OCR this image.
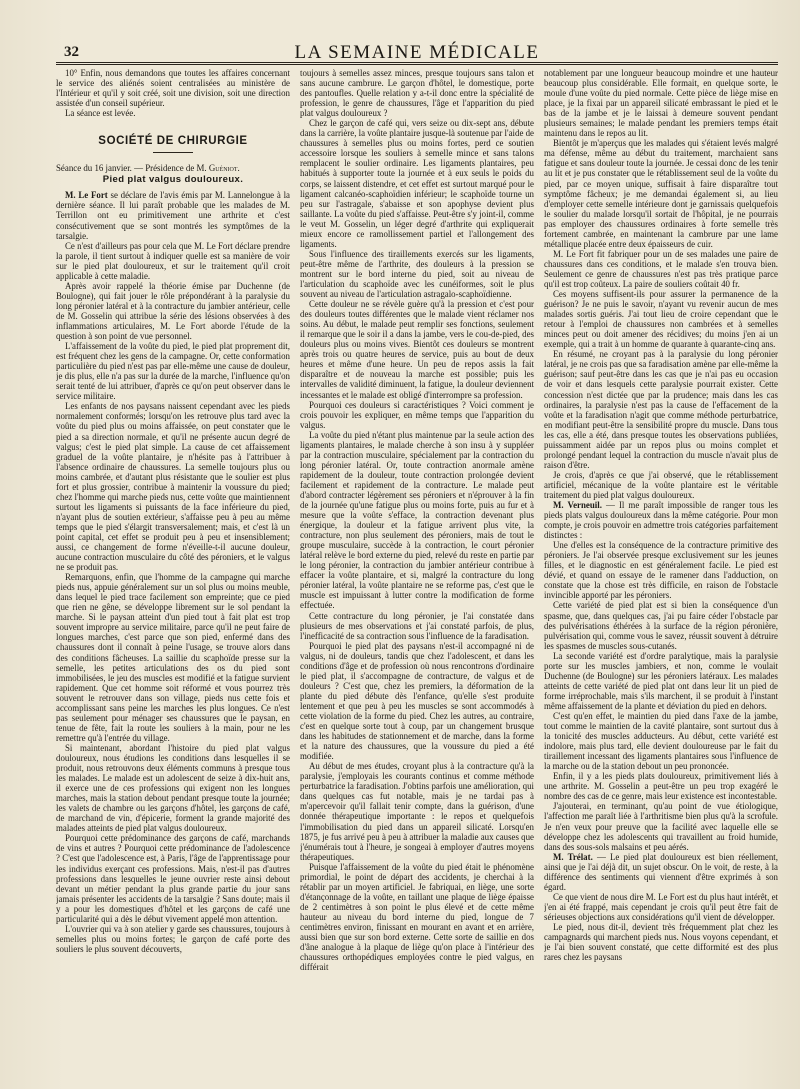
32	LA SEMAINE MÉDICALE

10° Enfin, nous demandons que toutes les affaires concernant le service des aliénés soient centralisées au ministère de l'Intérieur et qu'il y soit créé, soit une division, soit une direction assistée d'un conseil supérieur.

La séance est levée.

SOCIÉTÉ DE CHIRURGIE

Séance du 16 janvier. — Présidence de M. Guéniot.

Pied plat valgus douloureux.

M. Le Fort se déclare de l'avis émis par M. Lannelongue à la dernière séance. Il lui paraît probable que les malades de M. Terrillon ont eu primitivement une arthrite et c'est consécutivement que se sont montrés les symptômes de la tarsalgie.

Ce n'est d'ailleurs pas pour cela que M. Le Fort déclare prendre la parole, il tient surtout à indiquer quelle est sa manière de voir sur le pied plat douloureux, et sur le traitement qu'il croit applicable à cette maladie.

Après avoir rappelé la théorie émise par Duchenne (de Boulogne), qui fait jouer le rôle prépondérant à la paralysie du long péronier latéral et à la contracture du jambier antérieur, celle de M. Gosselin qui attribue la série des lésions observées à des inflammations articulaires, M. Le Fort aborde l'étude de la question à son point de vue personnel.

L'affaissement de la voûte du pied, le pied plat proprement dit, est fréquent chez les gens de la campagne. Or, cette conformation particulière du pied n'est pas par elle-même une cause de douleur, je dis plus, elle n'a pas sur la durée de la marche, l'influence qu'on serait tenté de lui attribuer, d'après ce qu'on peut observer dans le service militaire.

Les enfants de nos paysans naissent cependant avec les pieds normalement conformés; lorsqu'on les retrouve plus tard avec la voûte du pied plus ou moins affaissée, on peut constater que le pied a sa direction normale, et qu'il ne présente aucun degré de valgus; c'est le pied plat simple. La cause de cet affaissement graduel de la voûte plantaire, je n'hésite pas à l'attribuer à l'absence ordinaire de chaussures. La semelle toujours plus ou moins cambrée, et d'autant plus résistante que le soulier est plus fort et plus grossier, contribue à maintenir la voussure du pied; chez l'homme qui marche pieds nus, cette voûte que maintiennent surtout les ligaments si puissants de la face inférieure du pied, n'ayant plus de soutien extérieur, s'affaisse peu à peu au même temps que le pied s'élargit transversalement; mais, et c'est là un point capital, cet effet se produit peu à peu et insensiblement; aussi, ce changement de forme n'éveille-t-il aucune douleur, aucune contraction musculaire du côté des péroniers, et le valgus ne se produit pas.

Remarquons, enfin, que l'homme de la campagne qui marche pieds nus, appuie généralement sur un sol plus ou moins meuble, dans lequel le pied trace facilement son empreinte; que ce pied que rien ne gêne, se développe librement sur le sol pendant la marche. Si le paysan atteint d'un pied tout à fait plat est trop souvent impropre au service militaire, parce qu'il ne peut faire de longues marches, c'est parce que son pied, enfermé dans des chaussures dont il connaît à peine l'usage, se trouve alors dans des conditions fâcheuses. La saillie du scaphoïde presse sur la semelle, les petites articulations des os du pied sont immobilisées, le jeu des muscles est modifié et la fatigue survient rapidement. Que cet homme soit réformé et vous pourrez très souvent le retrouver dans son village, pieds nus cette fois et accomplissant sans peine les marches les plus longues. Ce n'est pas seulement pour ménager ses chaussures que le paysan, en tenue de fête, fait la route les souliers à la main, pour ne les remettre qu'à l'entrée du village.

Si maintenant, abordant l'histoire du pied plat valgus douloureux, nous étudions les conditions dans lesquelles il se produit, nous retrouvons deux éléments communs à presque tous les malades. Le malade est un adolescent de seize à dix-huit ans, il exerce une de ces professions qui exigent non les longues marches, mais la station debout pendant presque toute la journée; les valets de chambre ou les garçons d'hôtel, les garçons de café, de marchand de vin, d'épicerie, forment la grande majorité des malades atteints de pied plat valgus douloureux.

Pourquoi cette prédominance des garçons de café, marchands de vins et autres ? Pourquoi cette prédominance de l'adolescence ? C'est que l'adolescence est, à Paris, l'âge de l'apprentissage pour les individus exerçant ces professions. Mais, n'est-il pas d'autres professions dans lesquelles le jeune ouvrier reste ainsi debout devant un métier pendant la plus grande partie du jour sans jamais présenter les accidents de la tarsalgie ? Sans doute; mais il y a pour les domestiques d'hôtel et les garçons de café une particularité qui a dès le début vivement appelé mon attention.

L'ouvrier qui va à son atelier y garde ses chaussures, toujours à semelles plus ou moins fortes; le garçon de café porte des souliers le plus souvent découverts,

toujours à semelles assez minces, presque toujours sans talon et sans aucune cambrure. Le garçon d'hôtel, le domestique, porte des pantoufles. Quelle relation y a-t-il donc entre la spécialité de profession, le genre de chaussures, l'âge et l'apparition du pied plat valgus douloureux ?

Chez le garçon de café qui, vers seize ou dix-sept ans, débute dans la carrière, la voûte plantaire jusque-là soutenue par l'aide de chaussures à semelles plus ou moins fortes, perd ce soutien accessoire lorsque les souliers à semelle mince et sans talons remplacent le soulier ordinaire. Les ligaments plantaires, peu habitués à supporter toute la journée et à eux seuls le poids du corps, se laissent distendre, et cet effet est surtout marqué pour le ligament calcanéo-scaphoïdien inférieur; le scaphoïde tourne un peu sur l'astragale, s'abaisse et son apophyse devient plus saillante. La voûte du pied s'affaisse. Peut-être s'y joint-il, comme le veut M. Gosselin, un léger degré d'arthrite qui expliquerait mieux encore ce ramollissement partiel et l'allongement des ligaments.

Sous l'influence des tiraillements exercés sur les ligaments, peut-être même de l'arthrite, des douleurs à la pression se montrent sur le bord interne du pied, soit au niveau de l'articulation du scaphoïde avec les cunéiformes, soit le plus souvent au niveau de l'articulation astragalo-scaphoïdienne.

Cette douleur ne se révèle guère qu'à la pression et c'est pour des douleurs toutes différentes que le malade vient réclamer nos soins. Au début, le malade peut remplir ses fonctions, seulement il remarque que le soir il a dans la jambe, vers le cou-de-pied, des douleurs plus ou moins vives. Bientôt ces douleurs se montrent après trois ou quatre heures de service, puis au bout de deux heures et même d'une heure. Un peu de repos assis la fait disparaître et de nouveau la marche est possible; puis les intervalles de validité diminuent, la fatigue, la douleur deviennent incessantes et le malade est obligé d'interrompre sa profession.

Pourquoi ces douleurs si caractéristiques ? Voici comment je crois pouvoir les expliquer, en même temps que l'apparition du valgus.

La voûte du pied n'étant plus maintenue par la seule action des ligaments plantaires, le malade cherche à son insu à y suppléer par la contraction musculaire, spécialement par la contraction du long péronier latéral. Or, toute contraction anormale amène rapidement de la douleur, toute contraction prolongée devient facilement et rapidement de la contracture. Le malade peut d'abord contracter légèrement ses péroniers et n'éprouver à la fin de la journée qu'une fatigue plus ou moins forte, puis au fur et à mesure que la voûte s'efface, la contraction devenant plus énergique, la douleur et la fatigue arrivent plus vite, la contracture, non plus seulement des péroniers, mais de tout le groupe musculaire, succède à la contraction, le court péronier latéral relève le bord externe du pied, relevé du reste en partie par le long péronier, la contraction du jambier antérieur contribue à effacer la voûte plantaire, et si, malgré la contracture du long péronier latéral, la voûte plantaire ne se reforme pas, c'est que le muscle est impuissant à lutter contre la modification de forme effectuée.

Cette contracture du long péronier, je l'ai constatée dans plusieurs de mes observations et j'ai constaté parfois, de plus, l'inefficacité de sa contraction sous l'influence de la faradisation.

Pourquoi le pied plat des paysans n'est-il accompagné ni de valgus, ni de douleurs, tandis que chez l'adolescent, et dans les conditions d'âge et de profession où nous rencontrons d'ordinaire le pied plat, il s'accompagne de contracture, de valgus et de douleurs ? C'est que, chez les premiers, la déformation de la plante du pied débute dès l'enfance, qu'elle s'est produite lentement et que peu à peu les muscles se sont accommodés à cette violation de la forme du pied. Chez les autres, au contraire, c'est en quelque sorte tout à coup, par un changement brusque dans les habitudes de stationnement et de marche, dans la forme et la nature des chaussures, que la voussure du pied a été modifiée.

Au début de mes études, croyant plus à la contracture qu'à la paralysie, j'employais les courants continus et comme méthode perturbatrice la faradisation. J'obtins parfois une amélioration, qui dans quelques cas fut notable, mais je ne tardai pas à m'apercevoir qu'il fallait tenir compte, dans la guérison, d'une donnée thérapeutique importante : le repos et quelquefois l'immobilisation du pied dans un appareil silicaté. Lorsqu'en 1875, je fus arrivé peu à peu à attribuer la maladie aux causes que j'énumérais tout à l'heure, je songeai à employer d'autres moyens thérapeutiques.

Puisque l'affaissement de la voûte du pied était le phénomène primordial, le point de départ des accidents, je cherchai à la rétablir par un moyen artificiel. Je fabriquai, en liège, une sorte d'étançonnage de la voûte, en taillant une plaque de liège épaisse de 2 centimètres à son point le plus élevé et de cette même hauteur au niveau du bord interne du pied, longue de 7 centimètres environ, finissant en mourant en avant et en arrière, aussi bien que sur son bord externe. Cette sorte de saillie en dos d'âne analogue à la plaque de liège qu'on place à l'intérieur des chaussures orthopédiques employées contre le pied valgus, en différait

notablement par une longueur beaucoup moindre et une hauteur beaucoup plus considérable. Elle formait, en quelque sorte, le moule d'une voûte du pied normale. Cette pièce de liège mise en place, je la fixai par un appareil silicaté embrassant le pied et le bas de la jambe et je le laissai à demeure souvent pendant plusieurs semaines; le malade pendant les premiers temps était maintenu dans le repos au lit.

Bientôt je m'aperçus que les malades qui s'étaient levés malgré ma défense, même au début du traitement, marchaient sans fatigue et sans douleur toute la journée. Je cessai donc de les tenir au lit et je pus constater que le rétablissement seul de la voûte du pied, par ce moyen unique, suffisait à faire disparaître tout symptôme fâcheux; je me demandai également si, au lieu d'employer cette semelle intérieure dont je garnissais quelquefois le soulier du malade lorsqu'il sortait de l'hôpital, je ne pourrais pas employer des chaussures ordinaires à forte semelle très fortement cambrée, en maintenant la cambrure par une lame métallique placée entre deux épaisseurs de cuir.

M. Le Fort fit fabriquer pour un de ses malades une paire de chaussures dans ces conditions, et le malade s'en trouva bien. Seulement ce genre de chaussures n'est pas très pratique parce qu'il est trop coûteux. La paire de souliers coûtait 40 fr.

Ces moyens suffisent-ils pour assurer la permanence de la guérison? Je ne puis le savoir, n'ayant vu revenir aucun de mes malades sortis guéris. J'ai tout lieu de croire cependant que le retour à l'emploi de chaussures non cambrées et à semelles minces peut ou doit amener des récidives; du moins j'en ai un exemple, qui a trait à un homme de quarante à quarante-cinq ans.

En résumé, ne croyant pas à la paralysie du long péronier latéral, je ne crois pas que sa faradisation amène par elle-même la guérison; sauf peut-être dans les cas que je n'ai pas eu occasion de voir et dans lesquels cette paralysie pourrait exister. Cette concession n'est dictée que par la prudence; mais dans les cas ordinaires, la paralysie n'est pas la cause de l'effacement de la voûte et la faradisation n'agit que comme méthode perturbatrice, en modifiant peut-être la sensibilité propre du muscle. Dans tous les cas, elle a été, dans presque toutes les observations publiées, puissamment aidée par un repos plus ou moins complet et prolongé pendant lequel la contraction du muscle n'avait plus de raison d'être.

Je crois, d'après ce que j'ai observé, que le rétablissement artificiel, mécanique de la voûte plantaire est le véritable traitement du pied plat valgus douloureux.

M. Verneuil. — Il me paraît impossible de ranger tous les pieds plats valgus douloureux dans la même catégorie. Pour mon compte, je crois pouvoir en admettre trois catégories parfaitement distinctes :

Une d'elles est la conséquence de la contracture primitive des péroniers. Je l'ai observée presque exclusivement sur les jeunes filles, et le diagnostic en est généralement facile. Le pied est dévié, et quand on essaye de le ramener dans l'adduction, on constate que la chose est très difficile, en raison de l'obstacle invincible apporté par les péroniers.

Cette variété de pied plat est si bien la conséquence d'un spasme, que, dans quelques cas, j'ai pu faire céder l'obstacle par des pulvérisations éthérées à la surface de la région péronière, pulvérisation qui, comme vous le savez, réussit souvent à détruire les spasmes de muscles sous-cutanés.

La seconde variété est d'ordre paralytique, mais la paralysie porte sur les muscles jambiers, et non, comme le voulait Duchenne (de Boulogne) sur les péroniers latéraux. Les malades atteints de cette variété de pied plat ont dans leur lit un pied de forme irréprochable, mais s'ils marchent, il se produit à l'instant même affaissement de la plante et déviation du pied en dehors.

C'est qu'en effet, le maintien du pied dans l'axe de la jambe, tout comme le maintien de la cavité plantaire, sont surtout dus à la tonicité des muscles adducteurs. Au début, cette variété est indolore, mais plus tard, elle devient douloureuse par le fait du tiraillement incessant des ligaments plantaires sous l'influence de la marche ou de la station debout un peu prononcée.

Enfin, il y a les pieds plats douloureux, primitivement liés à une arthrite. M. Gosselin a peut-être un peu trop exagéré le nombre des cas de ce genre, mais leur existence est incontestable.

J'ajouterai, en terminant, qu'au point de vue étiologique, l'affection me paraît liée à l'arthritisme bien plus qu'à la scrofule. Je n'en veux pour preuve que la facilité avec laquelle elle se développe chez les adolescents qui travaillent au froid humide, dans des sous-sols malsains et peu aérés.

M. Trélat. — Le pied plat douloureux est bien réellement, ainsi que je l'ai déjà dit, un sujet obscur. On le voit, de reste, à la différence des sentiments qui viennent d'être exprimés à son égard.

Ce que vient de nous dire M. Le Fort est du plus haut intérêt, et j'en ai été frappé, mais cependant je crois qu'il peut être fait de sérieuses objections aux considérations qu'il vient de développer.

Le pied, nous dit-il, devient très fréquemment plat chez les campagnards qui marchent pieds nus. Nous voyons cependant, et je l'ai bien souvent constaté, que cette difformité est des plus rares chez les paysans
